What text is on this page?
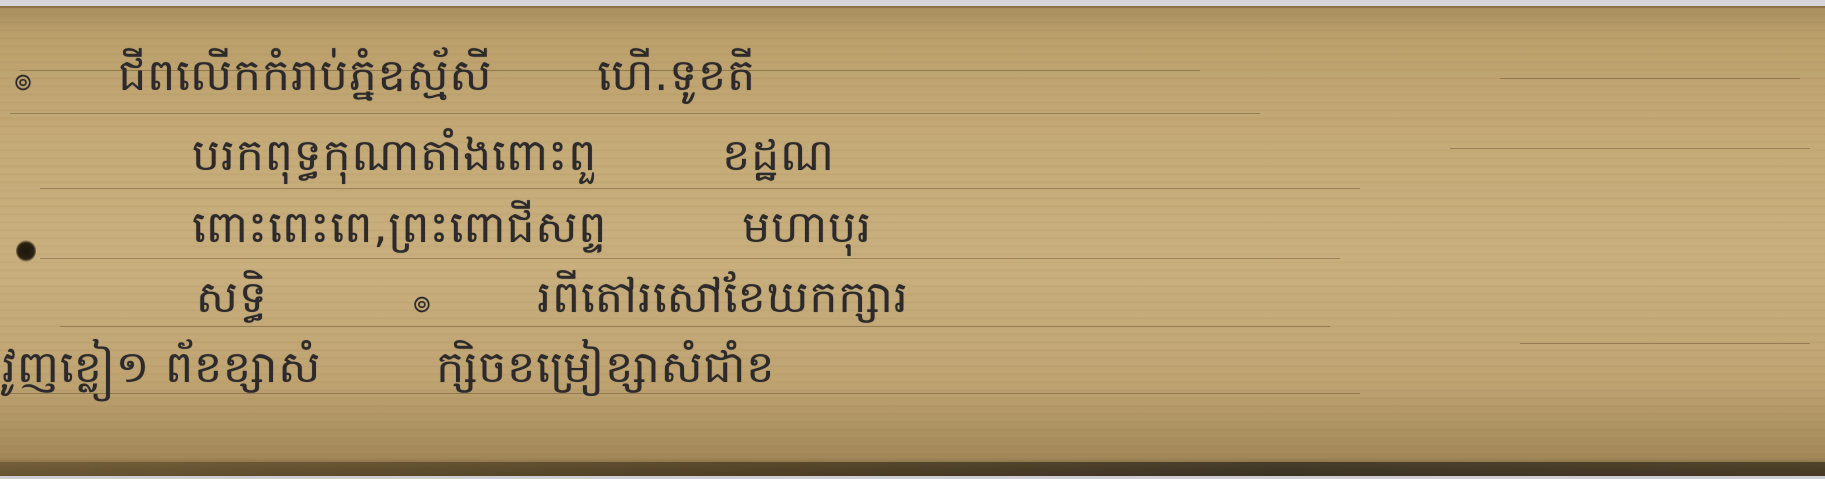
๏ ជីពលើកកំរាប់ភ្នំឧស្ម័សី ហើ.ទូខតី
បរកពុទ្ធកុណាតាំងពោះពួ	ខដ្ឋណ
ពោះពេះពេ,ព្រះពោជីសព្ទ	មហាបុរ
សទ្ធិ	๏ រពីតៅរសៅខែឃកក្សារ
វូញខ្លៀ១ ព័ខខ្សាសំ	ក្សិចខម្រៀខ្សាសំជាំខ
